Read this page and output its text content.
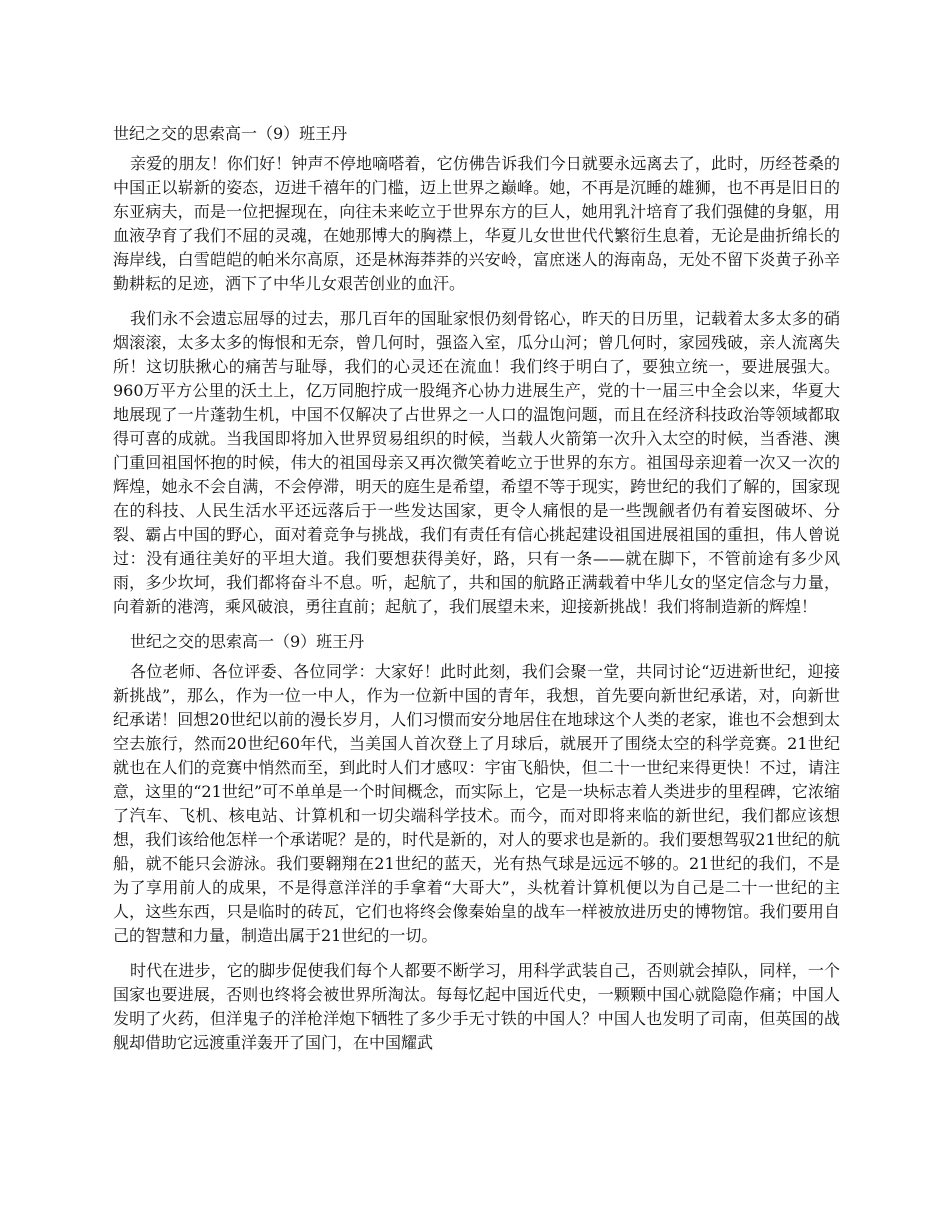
世纪之交的思索高一（9）班王丹

亲爱的朋友！你们好！钟声不停地嘀嗒着，它仿佛告诉我们今日就要永远离去了，此时，历经苍桑的中国正以崭新的姿态，迈进千禧年的门槛，迈上世界之巅峰。她，不再是沉睡的雄狮，也不再是旧日的东亚病夫，而是一位把握现在，向往未来屹立于世界东方的巨人，她用乳汁培育了我们强健的身躯，用血液孕育了我们不屈的灵魂，在她那博大的胸襟上，华夏儿女世世代代繁衍生息着，无论是曲折绵长的海岸线，白雪皑皑的帕米尔高原，还是林海莽莽的兴安岭，富庶迷人的海南岛，无处不留下炎黄子孙辛勤耕耘的足迹，洒下了中华儿女艰苦创业的血汗。

我们永不会遗忘屈辱的过去，那几百年的国耻家恨仍刻骨铭心，昨天的日历里，记载着太多太多的硝烟滚滚，太多太多的悔恨和无奈，曾几何时，强盗入室，瓜分山河；曾几何时，家园残破，亲人流离失所！这切肤揪心的痛苦与耻辱，我们的心灵还在流血！我们终于明白了，要独立统一，要进展强大。960万平方公里的沃土上，亿万同胞拧成一股绳齐心协力进展生产，党的十一届三中全会以来，华夏大地展现了一片蓬勃生机，中国不仅解决了占世界之一人口的温饱问题，而且在经济科技政治等领域都取得可喜的成就。当我国即将加入世界贸易组织的时候，当载人火箭第一次升入太空的时候，当香港、澳门重回祖国怀抱的时候，伟大的祖国母亲又再次微笑着屹立于世界的东方。祖国母亲迎着一次又一次的辉煌，她永不会自满，不会停滞，明天的庭生是希望，希望不等于现实，跨世纪的我们了解的，国家现在的科技、人民生活水平还远落后于一些发达国家，更令人痛恨的是一些觊觎者仍有着妄图破坏、分裂、霸占中国的野心，面对着竞争与挑战，我们有责任有信心挑起建设祖国进展祖国的重担，伟人曾说过：没有通往美好的平坦大道。我们要想获得美好，路，只有一条——就在脚下，不管前途有多少风雨，多少坎坷，我们都将奋斗不息。听，起航了，共和国的航路正满载着中华儿女的坚定信念与力量，向着新的港湾，乘风破浪，勇往直前；起航了，我们展望未来，迎接新挑战！我们将制造新的辉煌！

世纪之交的思索高一（9）班王丹

各位老师、各位评委、各位同学：大家好！此时此刻，我们会聚一堂，共同讨论“迈进新世纪，迎接新挑战”，那么，作为一位一中人，作为一位新中国的青年，我想，首先要向新世纪承诺，对，向新世纪承诺！回想20世纪以前的漫长岁月，人们习惯而安分地居住在地球这个人类的老家，谁也不会想到太空去旅行，然而20世纪60年代，当美国人首次登上了月球后，就展开了围绕太空的科学竞赛。21世纪就也在人们的竞赛中悄然而至，到此时人们才感叹：宇宙飞船快，但二十一世纪来得更快！不过，请注意，这里的“21世纪”可不单单是一个时间概念，而实际上，它是一块标志着人类进步的里程碑，它浓缩了汽车、飞机、核电站、计算机和一切尖端科学技术。而今，而对即将来临的新世纪，我们都应该想想，我们该给他怎样一个承诺呢？是的，时代是新的，对人的要求也是新的。我们要想驾驭21世纪的航船，就不能只会游泳。我们要翱翔在21世纪的蓝天，光有热气球是远远不够的。21世纪的我们，不是为了享用前人的成果，不是得意洋洋的手拿着“大哥大”，头枕着计算机便以为自己是二十一世纪的主人，这些东西，只是临时的砖瓦，它们也将终会像秦始皇的战车一样被放进历史的博物馆。我们要用自己的智慧和力量，制造出属于21世纪的一切。

时代在进步，它的脚步促使我们每个人都要不断学习，用科学武装自己，否则就会掉队，同样，一个国家也要进展，否则也终将会被世界所淘汰。每每忆起中国近代史，一颗颗中国心就隐隐作痛；中国人发明了火药，但洋鬼子的洋枪洋炮下牺牲了多少手无寸铁的中国人？中国人也发明了司南，但英国的战舰却借助它远渡重洋轰开了国门，在中国耀武
